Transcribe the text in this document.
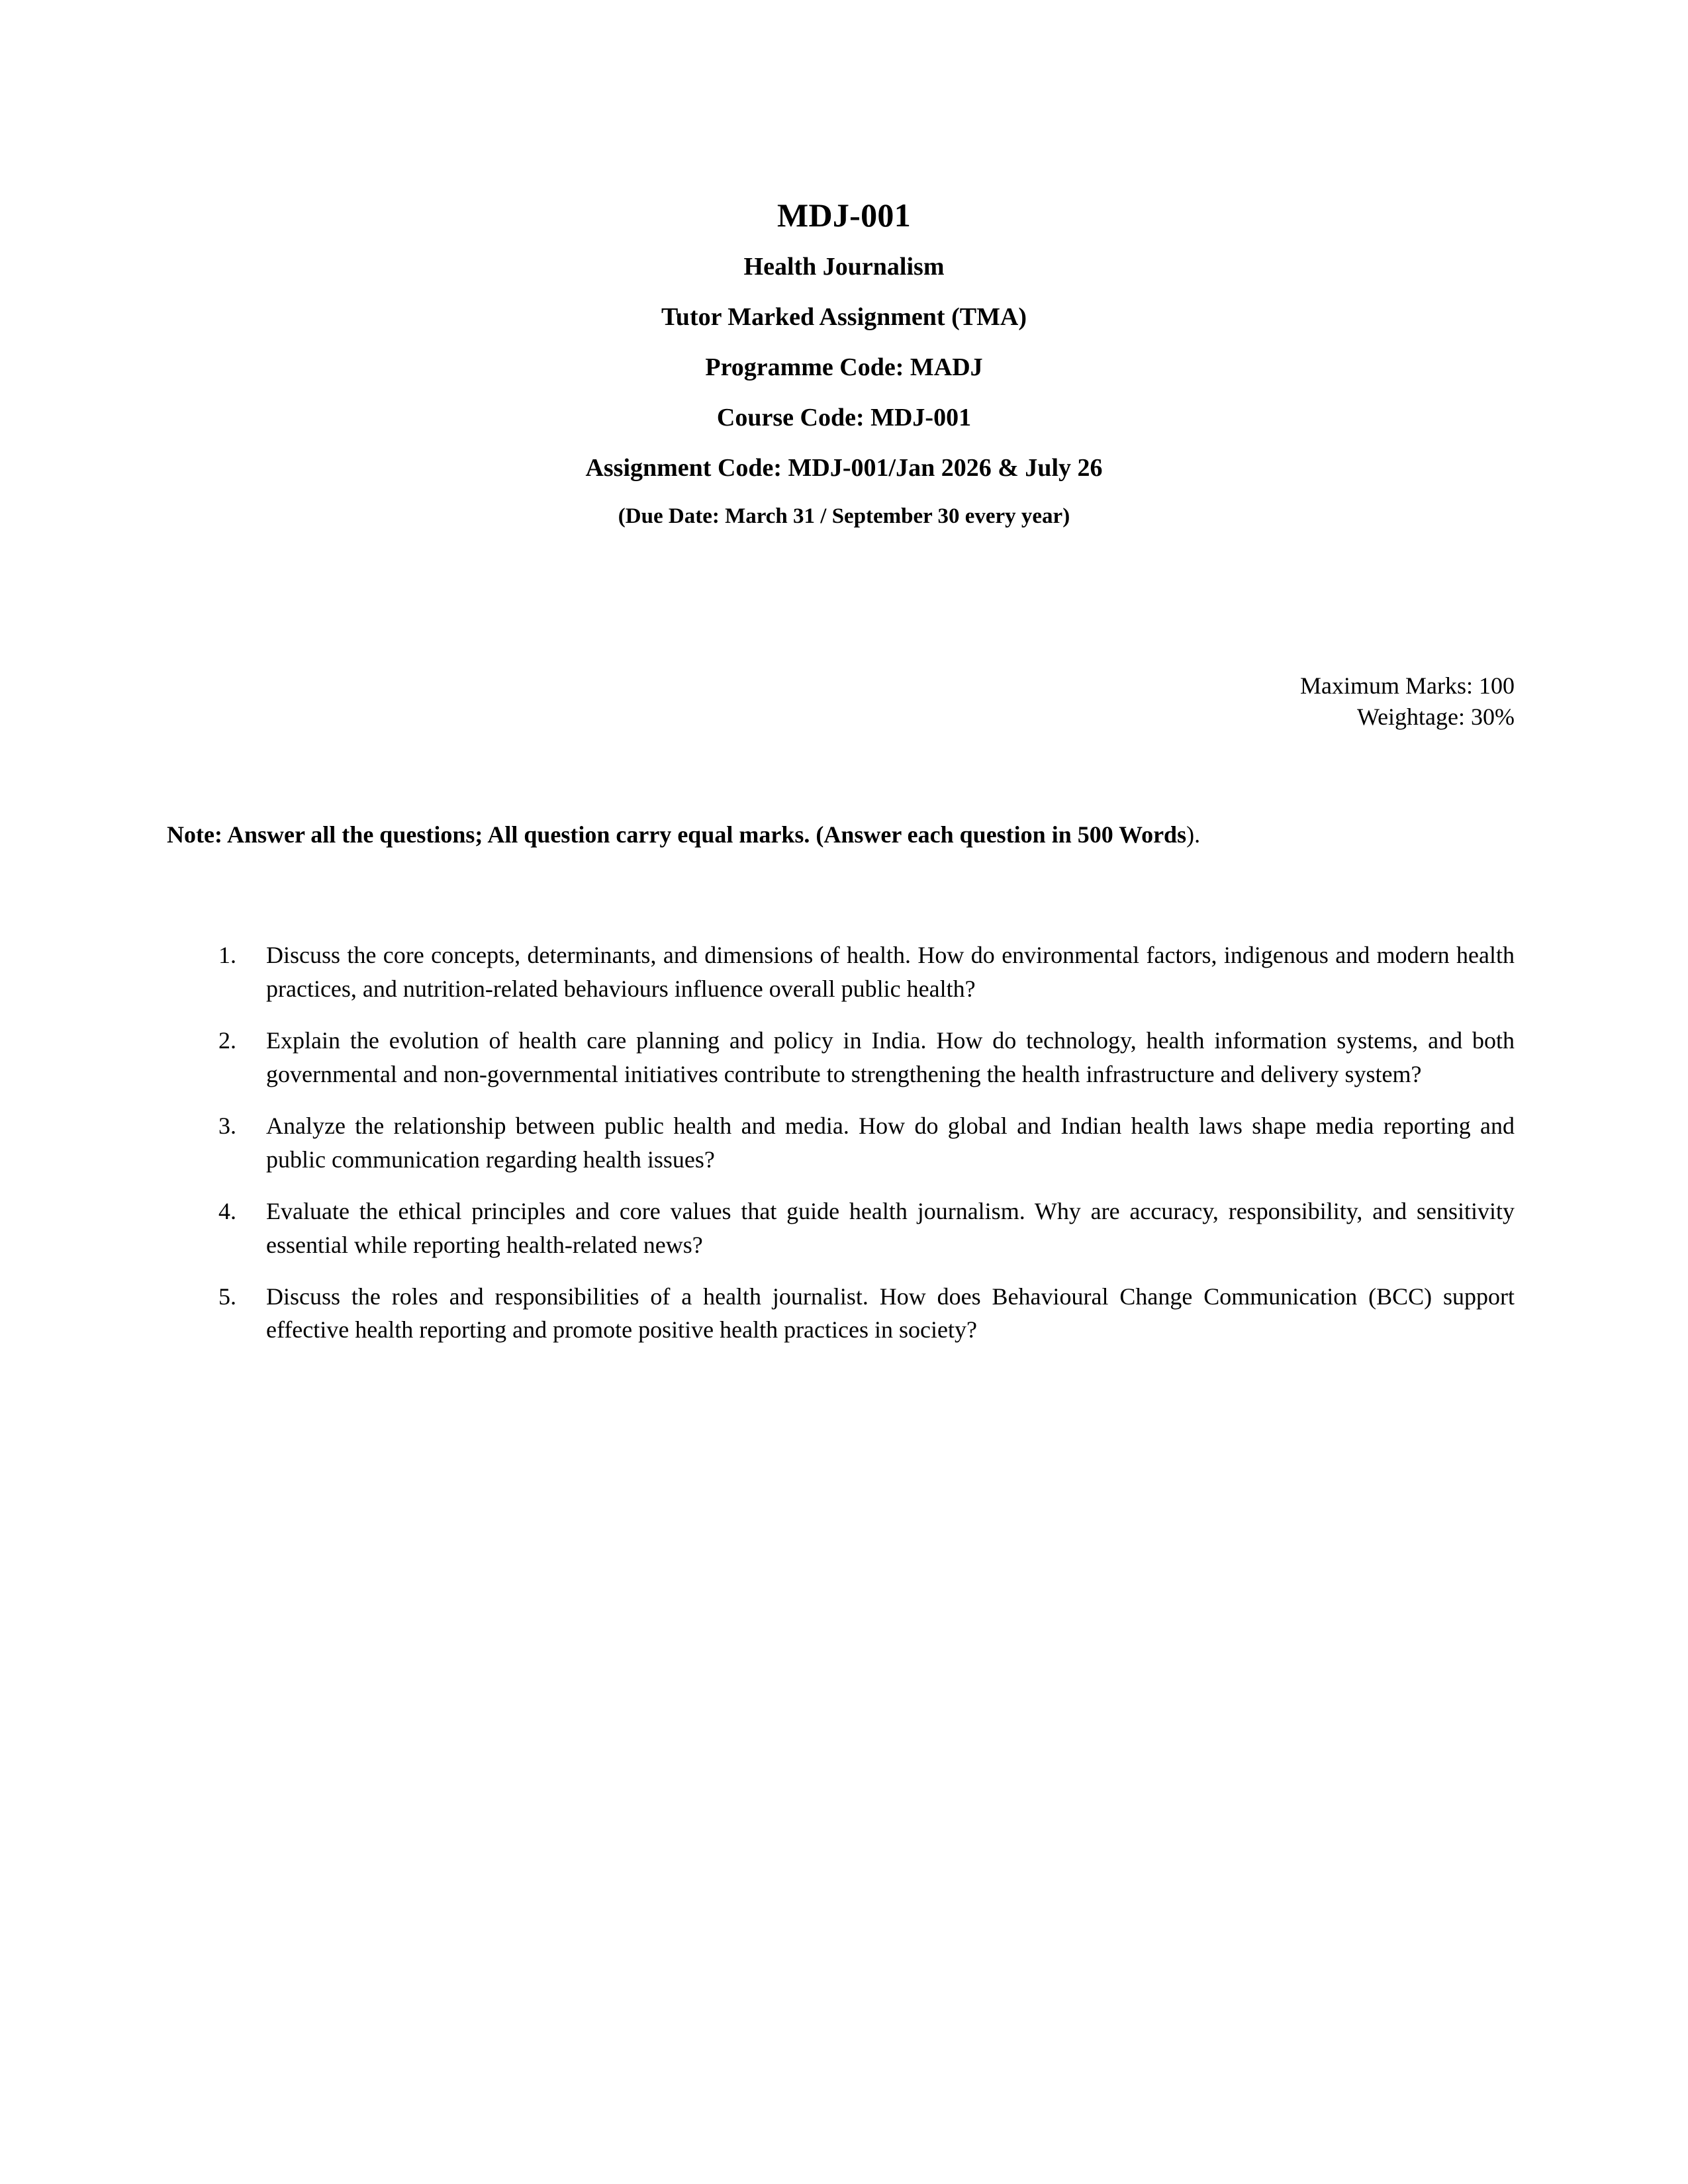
MDJ-001
Health Journalism
Tutor Marked Assignment (TMA)
Programme Code: MADJ
Course Code: MDJ-001
Assignment Code: MDJ-001/Jan 2026 & July 26
(Due Date: March 31 / September 30 every year)
Maximum Marks: 100
Weightage: 30%
Note: Answer all the questions; All question carry equal marks. (Answer each question in 500 Words).
1.	Discuss the core concepts, determinants, and dimensions of health. How do environmental factors, indigenous and modern health practices, and nutrition-related behaviours influence overall public health?
2.	Explain the evolution of health care planning and policy in India. How do technology, health information systems, and both governmental and non-governmental initiatives contribute to strengthening the health infrastructure and delivery system?
3.	Analyze the relationship between public health and media. How do global and Indian health laws shape media reporting and public communication regarding health issues?
4.	Evaluate the ethical principles and core values that guide health journalism. Why are accuracy, responsibility, and sensitivity essential while reporting health-related news?
5.	Discuss the roles and responsibilities of a health journalist. How does Behavioural Change Communication (BCC) support effective health reporting and promote positive health practices in society?
